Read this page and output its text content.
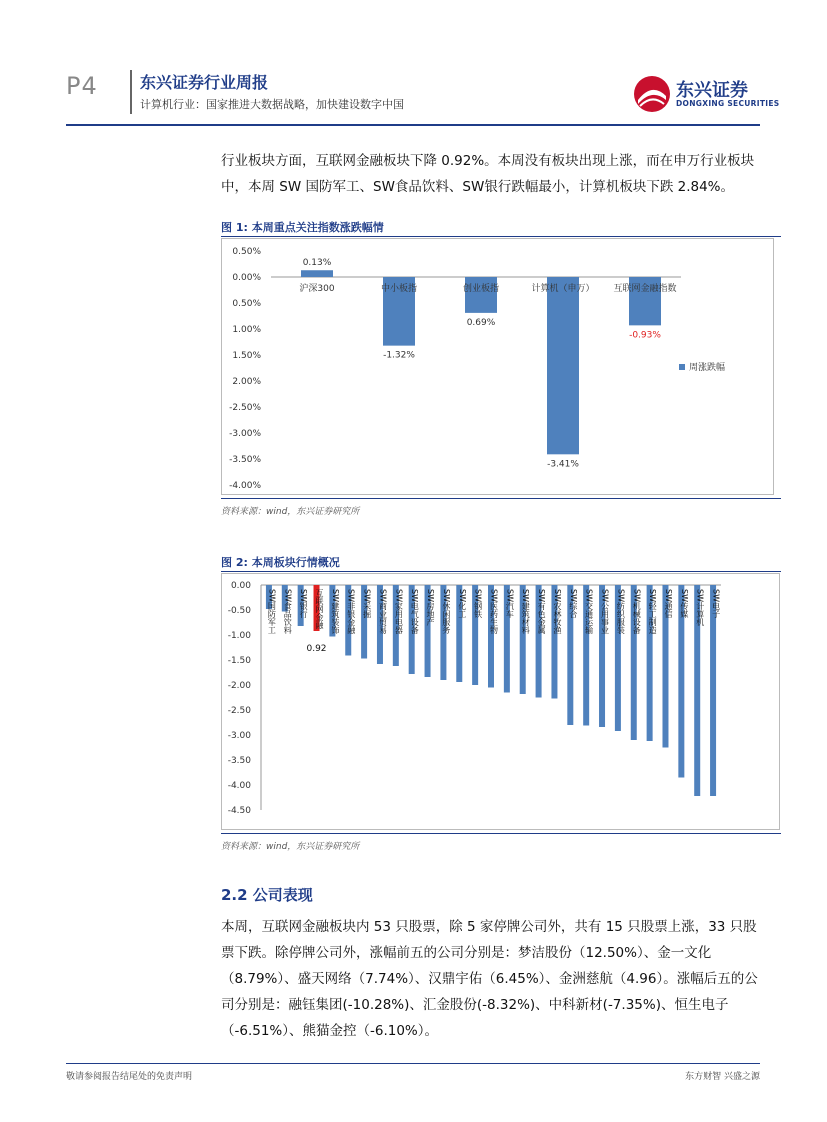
P4	东兴证券行业周报
计算机行业：国家推进大数据战略，加快建设数字中国
东兴证券
DONGXING SECURITIES
行业板块方面，互联网金融板块下降 0.92%。本周没有板块出现上涨，而在申万行业板块中，本周 SW 国防军工、SW食品饮料、SW银行跌幅最小，计算机板块下跌 2.84%。
图 1: 本周重点关注指数涨跌幅情
0.50%
0.00%
0.50%
1.00%
1.50%
2.00%
-2.50%
-3.00%
-3.50%
-4.00%
沪深300
0.13%
中小板指
-1.32%
创业板指
0.69%
计算机（申万）
-3.41%
互联网金融指数
-0.93%
周涨跌幅
资料来源：wind，东兴证券研究所
图 2: 本周板块行情概况
0.00
-0.50
-1.00
-1.50
-2.00
-2.50
-3.00
-3.50
-4.00
-4.50
SW国防军工 SW食品饮料 SW银行 互联网金融
0.92
SW建筑装饰 SW非银金融 SW采掘 SW商业贸易 SW家用电器 SW电气设备 SW房地产 SW休闲服务 SW化工 SW钢铁 SW医药生物 SW汽车 SW建筑材料 SW有色金属 SW农林牧渔 SW综合 SW交通运输 SW公用事业 SW纺织服装 SW机械设备 SW轻工制造 SW通信 SW传媒 SW计算机 SW电子
资料来源：wind，东兴证券研究所
2.2 公司表现
本周，互联网金融板块内 53 只股票，除 5 家停牌公司外，共有 15 只股票上涨，33 只股票下跌。除停牌公司外，涨幅前五的公司分别是：梦洁股份（12.50%）、金一文化（8.79%）、盛天网络（7.74%）、汉鼎宇佑（6.45%）、金洲慈航（4.96）。涨幅后五的公司分别是：融钰集团(-10.28%)、汇金股份(-8.32%)、中科新材(-7.35%)、恒生电子（-6.51%）、熊猫金控（-6.10%）。
敬请参阅报告结尾处的免责声明	东方财智 兴盛之源
